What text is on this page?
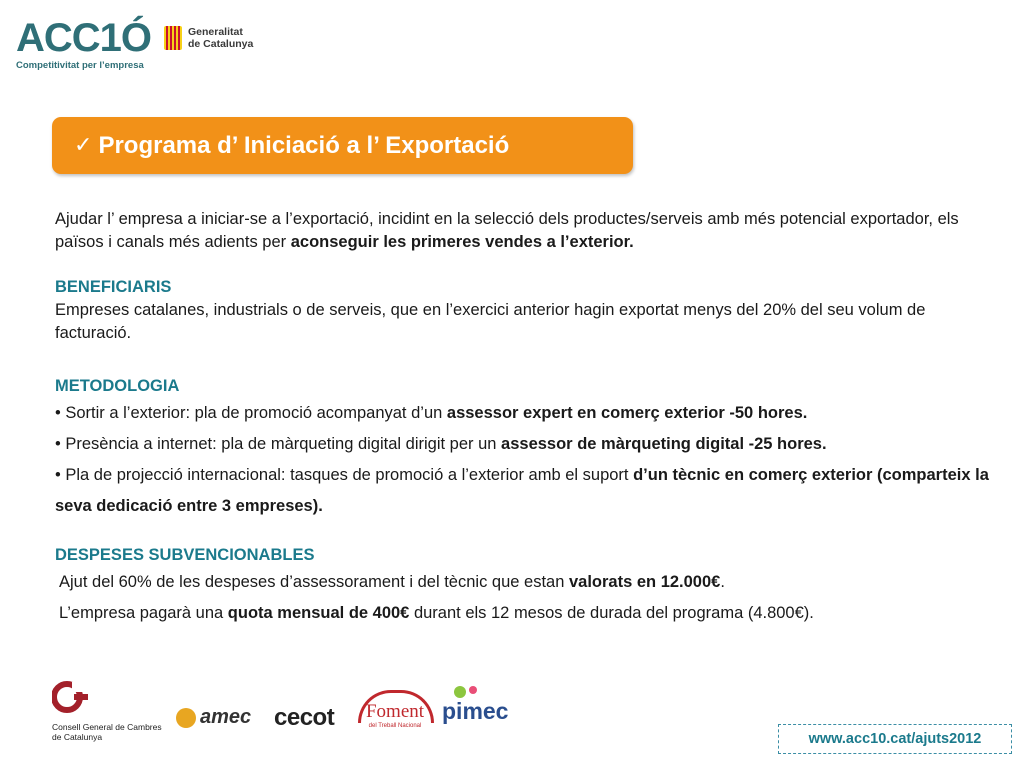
ACC1Ó
Competitivitat per l’empresa
Generalitat
de Catalunya
✓ Programa d’ Iniciació a l’ Exportació

Ajudar l’ empresa a iniciar-se a l’exportació, incidint en la selecció dels productes/serveis amb més potencial exportador, els països i canals més adients per aconseguir les primeres vendes a l’exterior.

BENEFICIARIS

Empreses catalanes, industrials o de serveis, que en l’exercici anterior hagin exportat menys del 20% del seu volum de facturació.

METODOLOGIA

• Sortir a l’exterior: pla de promoció acompanyat d’un assessor expert en comerç exterior -50 hores.

• Presència a internet: pla de màrqueting digital dirigit per un assessor de màrqueting digital -25 hores.

• Pla de projecció internacional: tasques de promoció a l’exterior amb el suport d’un tècnic en comerç exterior (comparteix la seva dedicació entre 3 empreses).

DESPESES SUBVENCIONABLES

Ajut del 60% de les despeses d’assessorament i del tècnic que estan valorats en 12.000€.

L’empresa pagarà una quota mensual de 400€ durant els 12 mesos de durada del programa (4.800€).

Consell General de Cambres
de Catalunya
amec cecot	Foment
del Treball Nacional
pimec
www.acc10.cat/ajuts2012
